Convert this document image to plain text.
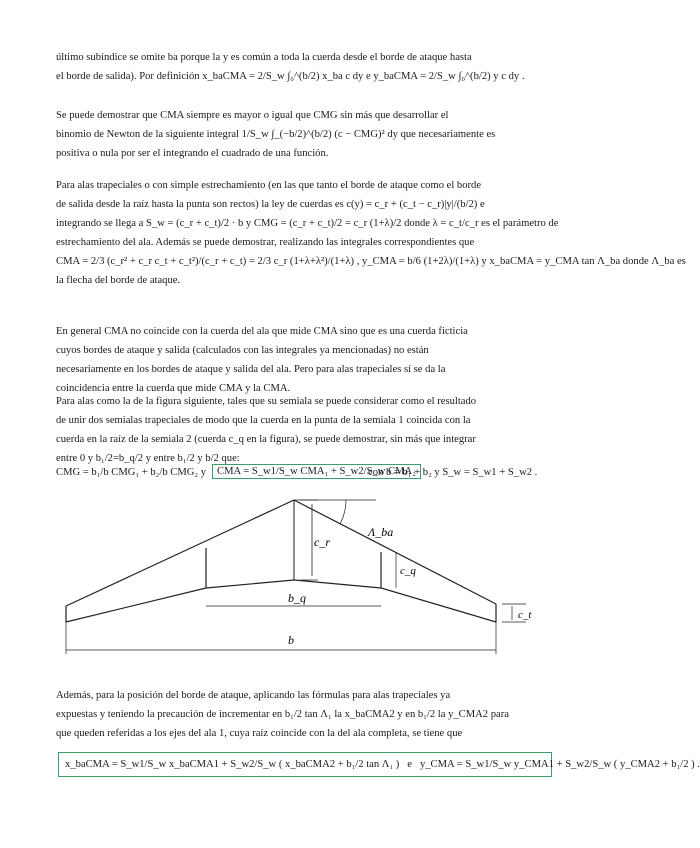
último subíndice se omite ba porque la y es común a toda la cuerda desde el borde de ataque hasta
el borde de salida). Por definición x_baCMA = 2/S_w ∫₀^(b/2) x_ba c dy e y_baCMA = 2/S_w ∫₀^(b/2) y c dy .
Se puede demostrar que CMA siempre es mayor o igual que CMG sin más que desarrollar el
binomio de Newton de la siguiente integral 1/S_w ∫_(−b/2)^(b/2) (c − CMG)² dy que necesariamente es
positiva o nula por ser el integrando el cuadrado de una función.
Para alas trapeciales o con simple estrechamiento (en las que tanto el borde de ataque como el borde
de salida desde la raíz hasta la punta son rectos) la ley de cuerdas es c(y) = c_r + (c_t − c_r)|y|/(b/2) e
integrando se llega a S_w = (c_r + c_t)/2 · b y CMG = (c_r + c_t)/2 = c_r (1+λ)/2 donde λ = c_t/c_r es el parámetro de
estrechamiento del ala. Además se puede demostrar, realizando las integrales correspondientes que
CMA = 2/3 (c_r² + c_r c_t + c_t²)/(c_r + c_t) = 2/3 c_r (1+λ+λ²)/(1+λ) , y_CMA = b/6 (1+2λ)/(1+λ) y x_baCMA = y_CMA tan Λ_ba donde Λ_ba es
la flecha del borde de ataque.
En general CMA no coincide con la cuerda del ala que mide CMA sino que es una cuerda ficticia
cuyos bordes de ataque y salida (calculados con las integrales ya mencionadas) no están
necesariamente en los bordes de ataque y salida del ala. Pero para alas trapeciales sí se da la
coincidencia entre la cuerda que mide CMA y la CMA.
Para alas como la de la figura siguiente, tales que su semiala se puede considerar como el resultado
de unir dos semialas trapeciales de modo que la cuerda en la punta de la semiala 1 coincida con la
cuerda en la raíz de la semiala 2 (cuerda c_q en la figura), se puede demostrar, sin más que integrar
entre 0 y b₁/2=b_q/2 y entre b₁/2 y b/2 que:
CMG = b₁/b CMG₁ + b₂/b CMG₂ y	CMA = S_w1/S_w CMA₁ + S_w2/S_w CMA₂
con b = b₁ + b₂ y S_w = S_w1 + S_w2 .
c_r
Λ_ba
c_q
b_q
b
c_t
Además, para la posición del borde de ataque, aplicando las fórmulas para alas trapeciales ya
expuestas y teniendo la precaución de incrementar en b₁/2 tan Λ₁ la x_baCMA2 y en b₁/2 la y_CMA2 para
que queden referidas a los ejes del ala 1, cuya raíz coincide con la del ala completa, se tiene que
x_baCMA = S_w1/S_w x_baCMA1 + S_w2/S_w ( x_baCMA2 + b₁/2 tan Λ₁ ) e y_CMA = S_w1/S_w y_CMA1 + S_w2/S_w ( y_CMA2 + b₁/2 ) .
